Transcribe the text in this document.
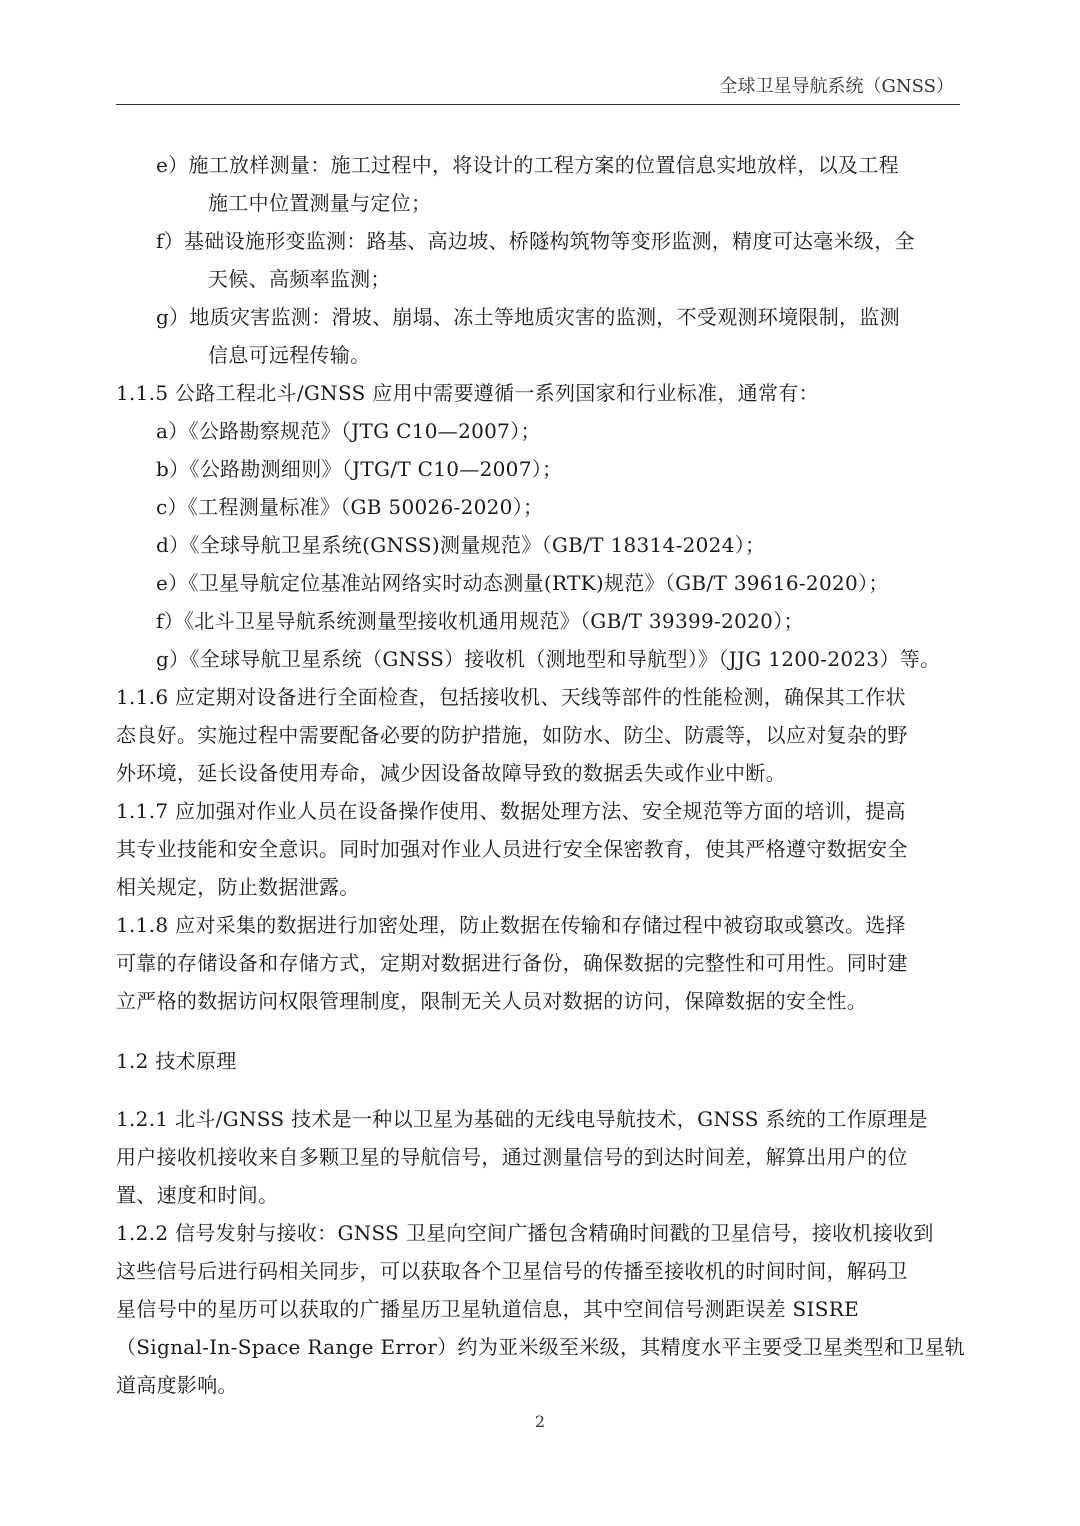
全球卫星导航系统（GNSS）
e）施工放样测量：施工过程中，将设计的工程方案的位置信息实地放样，以及工程
施工中位置测量与定位；
f）基础设施形变监测：路基、高边坡、桥隧构筑物等变形监测，精度可达毫米级，全
天候、高频率监测；
g）地质灾害监测：滑坡、崩塌、冻土等地质灾害的监测，不受观测环境限制，监测
信息可远程传输。
1.1.5 公路工程北斗/GNSS 应用中需要遵循一系列国家和行业标准，通常有：
a）《公路勘察规范》（JTG C10—2007）；
b）《公路勘测细则》（JTG/T C10—2007）；
c）《工程测量标准》（GB 50026-2020）；
d）《全球导航卫星系统(GNSS)测量规范》（GB/T 18314-2024）；
e）《卫星导航定位基准站网络实时动态测量(RTK)规范》（GB/T 39616-2020）；
f）《北斗卫星导航系统测量型接收机通用规范》（GB/T 39399-2020）；
g）《全球导航卫星系统（GNSS）接收机（测地型和导航型）》（JJG 1200-2023）等。
1.1.6 应定期对设备进行全面检查，包括接收机、天线等部件的性能检测，确保其工作状
态良好。实施过程中需要配备必要的防护措施，如防水、防尘、防震等，以应对复杂的野
外环境，延长设备使用寿命，减少因设备故障导致的数据丢失或作业中断。
1.1.7 应加强对作业人员在设备操作使用、数据处理方法、安全规范等方面的培训，提高
其专业技能和安全意识。同时加强对作业人员进行安全保密教育，使其严格遵守数据安全
相关规定，防止数据泄露。
1.1.8 应对采集的数据进行加密处理，防止数据在传输和存储过程中被窃取或篡改。选择
可靠的存储设备和存储方式，定期对数据进行备份，确保数据的完整性和可用性。同时建
立严格的数据访问权限管理制度，限制无关人员对数据的访问，保障数据的安全性。
1.2 技术原理
1.2.1 北斗/GNSS 技术是一种以卫星为基础的无线电导航技术，GNSS 系统的工作原理是
用户接收机接收来自多颗卫星的导航信号，通过测量信号的到达时间差，解算出用户的位
置、速度和时间。
1.2.2 信号发射与接收：GNSS 卫星向空间广播包含精确时间戳的卫星信号，接收机接收到
这些信号后进行码相关同步，可以获取各个卫星信号的传播至接收机的时间时间，解码卫
星信号中的星历可以获取的广播星历卫星轨道信息，其中空间信号测距误差 SISRE
（Signal-In-Space Range Error）约为亚米级至米级，其精度水平主要受卫星类型和卫星轨
道高度影响。
2
